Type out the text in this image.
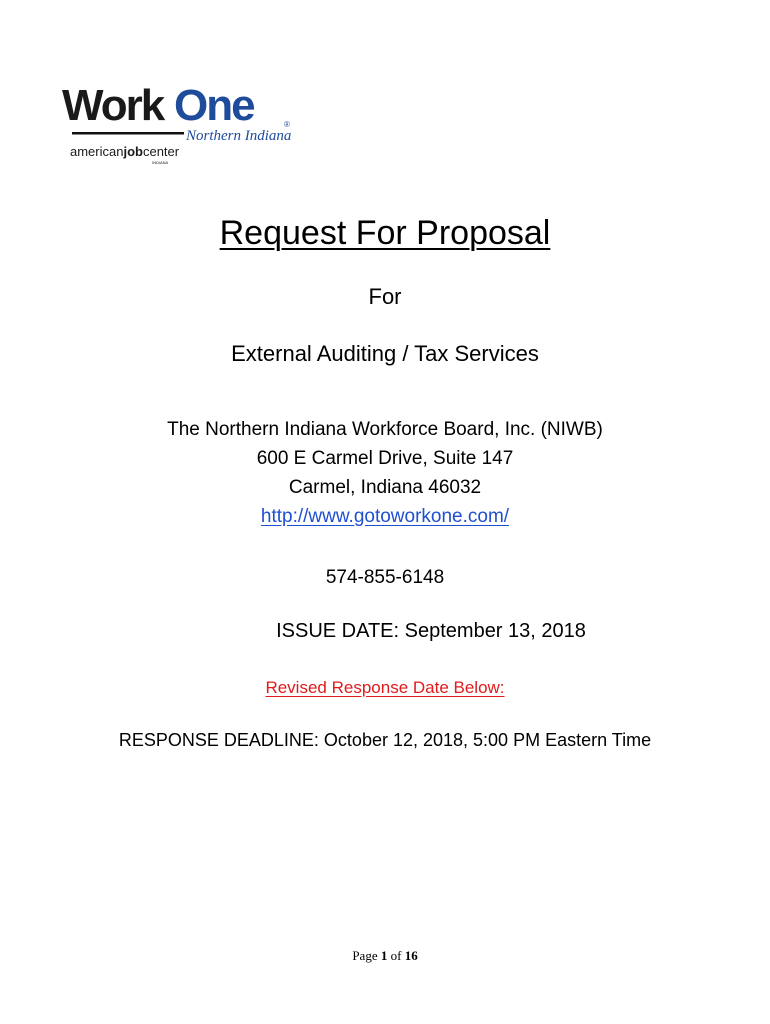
Work One	®
Northern Indiana
americanjobcenter
INDIANA
Request For Proposal
For
External Auditing / Tax Services
The Northern Indiana Workforce Board, Inc. (NIWB)
600 E Carmel Drive, Suite 147
Carmel, Indiana 46032
http://www.gotoworkone.com/
574-855-6148
ISSUE DATE: September 13, 2018
Revised Response Date Below:
RESPONSE DEADLINE: October 12, 2018, 5:00 PM Eastern Time
Page 1 of 16
